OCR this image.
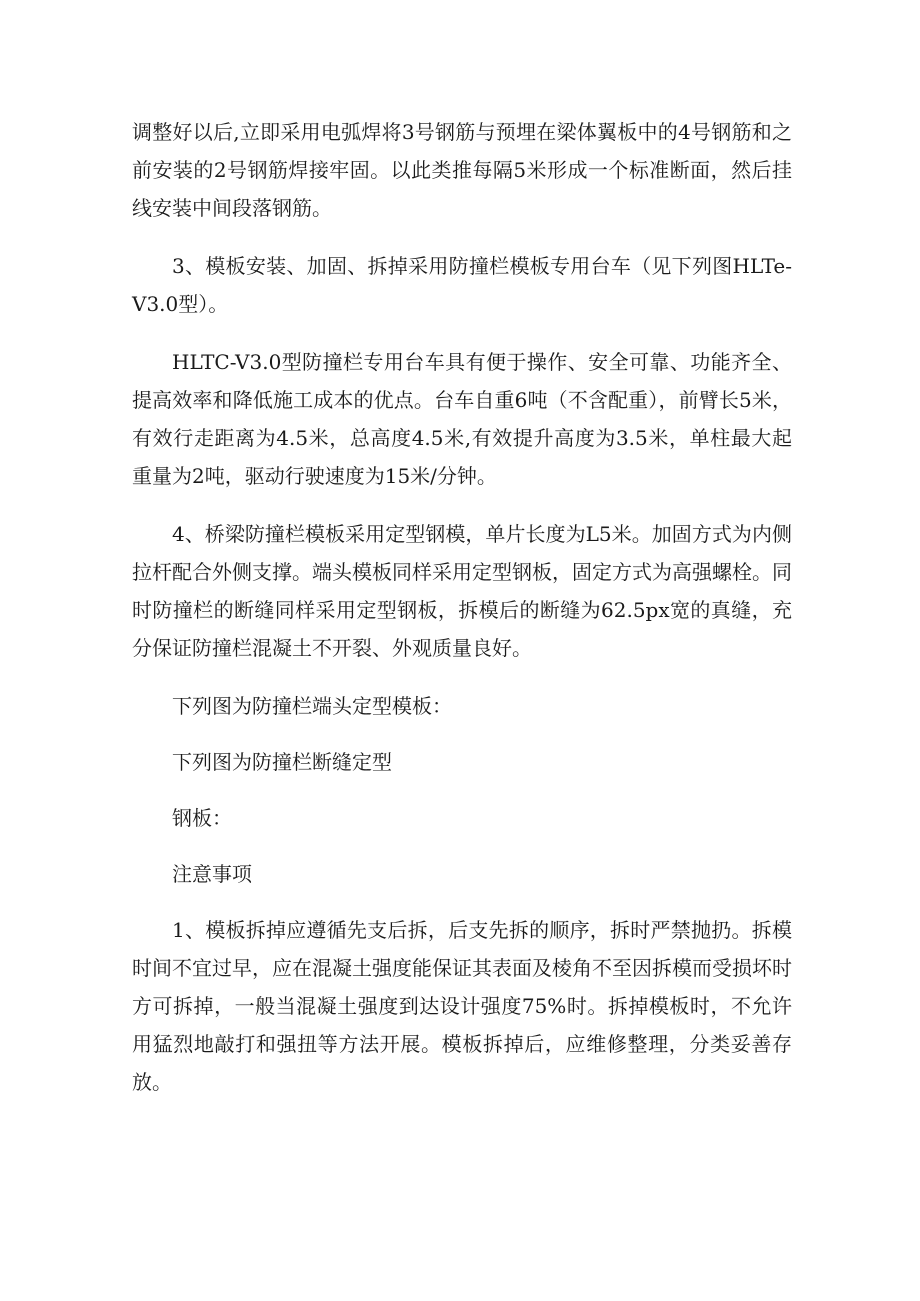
调整好以后,立即采用电弧焊将3号钢筋与预埋在梁体翼板中的4号钢筋和之前安装的2号钢筋焊接牢固。以此类推每隔5米形成一个标准断面，然后挂线安装中间段落钢筋。

3、模板安装、加固、拆掉采用防撞栏模板专用台车（见下列图HLTe-V3.0型）。

HLTC-V3.0型防撞栏专用台车具有便于操作、安全可靠、功能齐全、提高效率和降低施工成本的优点。台车自重6吨（不含配重），前臂长5米，有效行走距离为4.5米，总高度4.5米,有效提升高度为3.5米，单柱最大起重量为2吨，驱动行驶速度为15米/分钟。

4、桥梁防撞栏模板采用定型钢模，单片长度为L5米。加固方式为内侧拉杆配合外侧支撑。端头模板同样采用定型钢板，固定方式为高强螺栓。同时防撞栏的断缝同样采用定型钢板，拆模后的断缝为62.5px宽的真缝，充分保证防撞栏混凝土不开裂、外观质量良好。

下列图为防撞栏端头定型模板：

下列图为防撞栏断缝定型

钢板：

注意事项

1、模板拆掉应遵循先支后拆，后支先拆的顺序，拆时严禁抛扔。拆模时间不宜过早，应在混凝土强度能保证其表面及棱角不至因拆模而受损坏时方可拆掉，一般当混凝土强度到达设计强度75%时。拆掉模板时，不允许用猛烈地敲打和强扭等方法开展。模板拆掉后，应维修整理，分类妥善存放。
